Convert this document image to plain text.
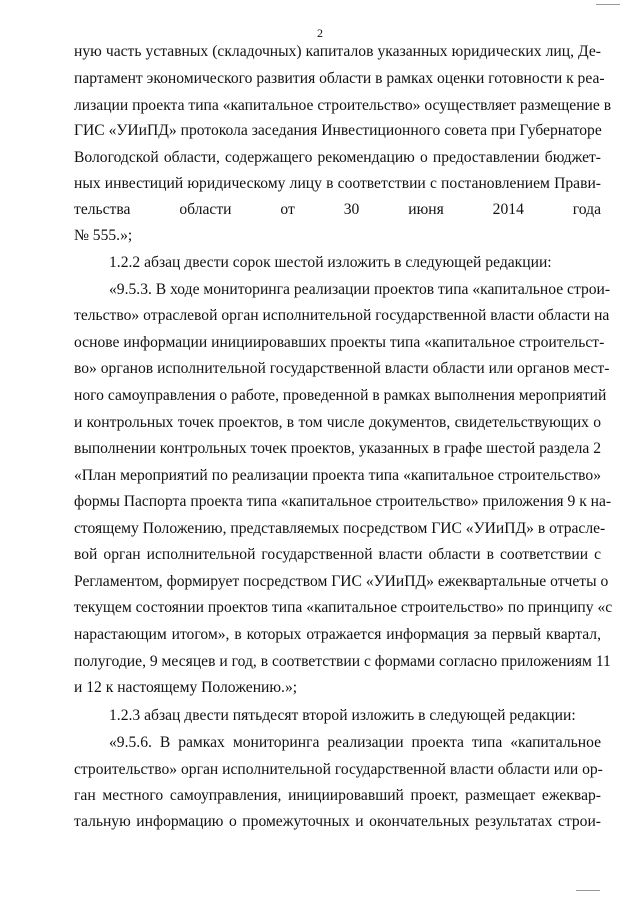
2
ную часть уставных (складочных) капиталов указанных юридических лиц, Де-
партамент экономического развития области в рамках оценки готовности к реа-
лизации проекта типа «капитальное строительство» осуществляет размещение в
ГИС «УИиПД» протокола заседания Инвестиционного совета при Губернаторе
Вологодской области, содержащего рекомендацию о предоставлении бюджет-
ных инвестиций юридическому лицу в соответствии с постановлением Прави-
тельства области от 30 июня 2014 года
№ 555.»;
1.2.2 абзац двести сорок шестой изложить в следующей редакции:
«9.5.3. В ходе мониторинга реализации проектов типа «капитальное строи-
тельство» отраслевой орган исполнительной государственной власти области на
основе информации инициировавших проекты типа «капитальное строительст-
во» органов исполнительной государственной власти области или органов мест-
ного самоуправления о работе, проведенной в рамках выполнения мероприятий
и контрольных точек проектов, в том числе документов, свидетельствующих о
выполнении контрольных точек проектов, указанных в графе шестой раздела 2
«План мероприятий по реализации проекта типа «капитальное строительство»
формы Паспорта проекта типа «капитальное строительство» приложения 9 к на-
стоящему Положению, представляемых посредством ГИС «УИиПД» в отрасле-
вой орган исполнительной государственной власти области в соответствии с
Регламентом, формирует посредством ГИС «УИиПД» ежеквартальные отчеты о
текущем состоянии проектов типа «капитальное строительство» по принципу «с
нарастающим итогом», в которых отражается информация за первый квартал,
полугодие, 9 месяцев и год, в соответствии с формами согласно приложениям 11
и 12 к настоящему Положению.»;
1.2.3 абзац двести пятьдесят второй изложить в следующей редакции:
«9.5.6. В рамках мониторинга реализации проекта типа «капитальное
строительство» орган исполнительной государственной власти области или ор-
ган местного самоуправления, инициировавший проект, размещает ежеквар-
тальную информацию о промежуточных и окончательных результатах строи-
